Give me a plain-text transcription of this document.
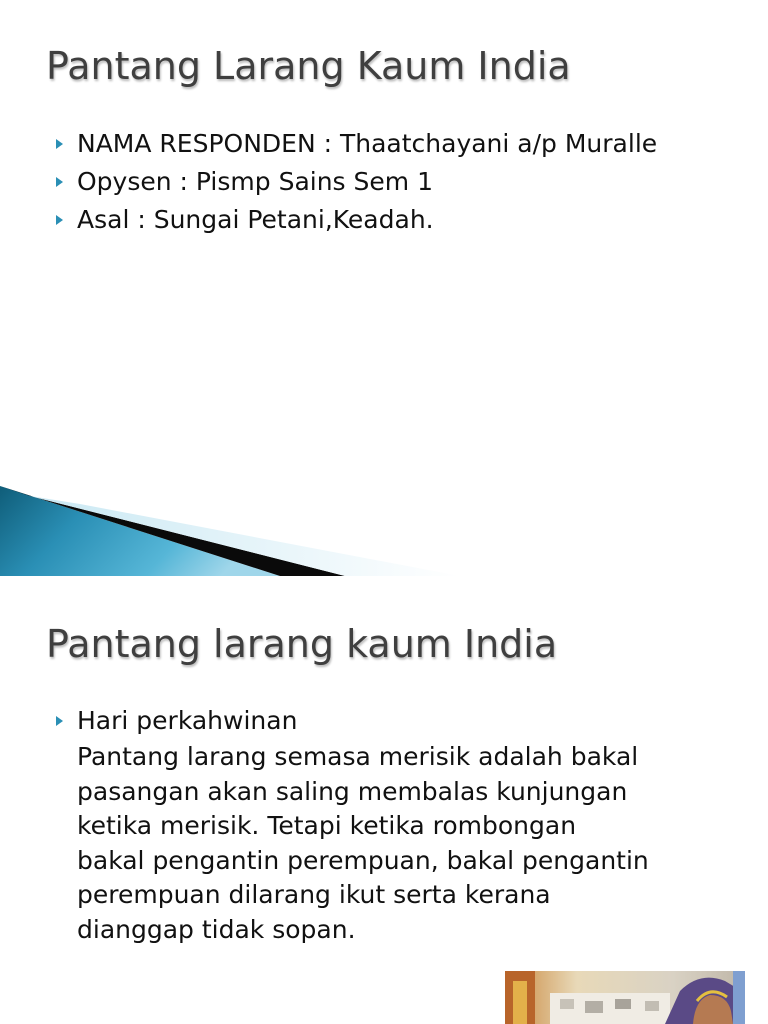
Pantang Larang Kaum India
NAMA RESPONDEN : Thaatchayani a/p Muralle
Opysen : Pismp Sains Sem 1
Asal : Sungai Petani,Keadah.
Pantang larang kaum India
Hari perkahwinan

Pantang larang semasa merisik adalah bakal
pasangan akan saling membalas kunjungan
ketika merisik. Tetapi ketika rombongan
bakal pengantin perempuan, bakal pengantin
perempuan dilarang ikut serta kerana
dianggap tidak sopan.
